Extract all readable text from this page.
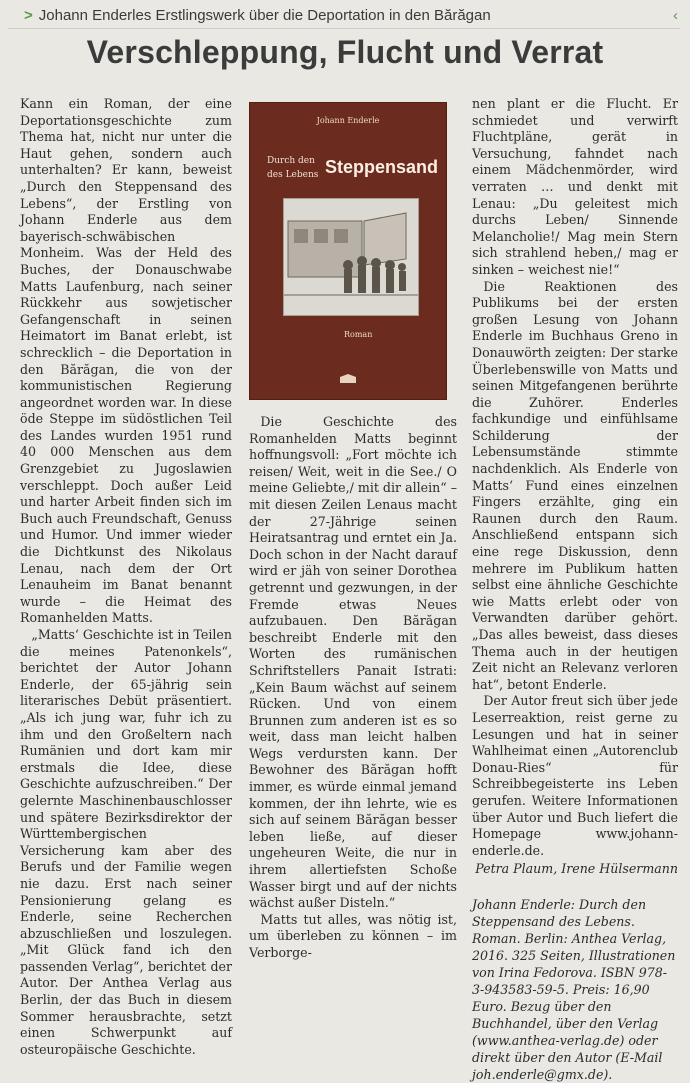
> Johann Enderles Erstlingswerk über die Deportation in den Bărăgan	‹
Verschleppung, Flucht und Verrat

Kann ein Roman, der eine Deportationsgeschichte zum Thema hat, nicht nur unter die Haut gehen, sondern auch unterhalten? Er kann, beweist „Durch den Steppensand des Lebens“, der Erstling von Johann Enderle aus dem bayerisch-schwäbischen Monheim. Was der Held des Buches, der Donauschwabe Matts Laufenburg, nach seiner Rückkehr aus sowjetischer Gefangenschaft in seinen Heimatort im Banat erlebt, ist schrecklich – die Deportation in den Bărăgan, die von der kommunistischen Regierung angeordnet worden war. In diese öde Steppe im südöstlichen Teil des Landes wurden 1951 rund 40 000 Menschen aus dem Grenzgebiet zu Jugoslawien verschleppt. Doch außer Leid und harter Arbeit finden sich im Buch auch Freundschaft, Genuss und Humor. Und immer wieder die Dichtkunst des Nikolaus Lenau, nach dem der Ort Lenauheim im Banat benannt wurde – die Heimat des Romanhelden Matts.

„Matts‘ Geschichte ist in Teilen die meines Patenonkels“, berichtet der Autor Johann Enderle, der 65-jährig sein literarisches Debüt präsentiert. „Als ich jung war, fuhr ich zu ihm und den Großeltern nach Rumänien und dort kam mir erstmals die Idee, diese Geschichte aufzuschreiben.“ Der gelernte Maschinenbauschlosser und spätere Bezirksdirektor der Württembergischen Versicherung kam aber des Berufs und der Familie wegen nie dazu. Erst nach seiner Pensionierung gelang es Enderle, seine Recherchen abzuschließen und loszulegen. „Mit Glück fand ich den passenden Verlag“, berichtet der Autor. Der Anthea Verlag aus Berlin, der das Buch in diesem Sommer herausbrachte, setzt einen Schwerpunkt auf osteuropäische Geschichte.

Johann Enderle
Durch den
des Lebens Steppensand
Roman

Die Geschichte des Romanhelden Matts beginnt hoffnungsvoll: „Fort möchte ich reisen/ Weit, weit in die See./ O meine Geliebte,/ mit dir allein“ – mit diesen Zeilen Lenaus macht der 27-Jährige seinen Heiratsantrag und erntet ein Ja. Doch schon in der Nacht darauf wird er jäh von seiner Dorothea getrennt und gezwungen, in der Fremde etwas Neues aufzubauen. Den Bărăgan beschreibt Enderle mit den Worten des rumänischen Schriftstellers Panait Istrati: „Kein Baum wächst auf seinem Rücken. Und von einem Brunnen zum anderen ist es so weit, dass man leicht halben Wegs verdursten kann. Der Bewohner des Bărăgan hofft immer, es würde einmal jemand kommen, der ihn lehrte, wie es sich auf seinem Bărăgan besser leben ließe, auf dieser ungeheuren Weite, die nur in ihrem allertiefsten Schoße Wasser birgt und auf der nichts wächst außer Disteln.“

Matts tut alles, was nötig ist, um überleben zu können – im Verborge-

nen plant er die Flucht. Er schmiedet und verwirft Fluchtpläne, gerät in Versuchung, fahndet nach einem Mädchenmörder, wird verraten … und denkt mit Lenau: „Du geleitest mich durchs Leben/ Sinnende Melancholie!/ Mag mein Stern sich strahlend heben,/ mag er sinken – weichest nie!“

Die Reaktionen des Publikums bei der ersten großen Lesung von Johann Enderle im Buchhaus Greno in Donauwörth zeigten: Der starke Überlebenswille von Matts und seinen Mitgefangenen berührte die Zuhörer. Enderles fachkundige und einfühlsame Schilderung der Lebensumstände stimmte nachdenklich. Als Enderle von Matts‘ Fund eines einzelnen Fingers erzählte, ging ein Raunen durch den Raum. Anschließend entspann sich eine rege Diskussion, denn mehrere im Publikum hatten selbst eine ähnliche Geschichte wie Matts erlebt oder von Verwandten darüber gehört. „Das alles beweist, dass dieses Thema auch in der heutigen Zeit nicht an Relevanz verloren hat“, betont Enderle.

Der Autor freut sich über jede Leserreaktion, reist gerne zu Lesungen und hat in seiner Wahlheimat einen „Autorenclub Donau-Ries“ für Schreibbegeisterte ins Leben gerufen. Weitere Informationen über Autor und Buch liefert die Homepage www.johann-enderle.de.

Petra Plaum, Irene Hülsermann
Johann Enderle: Durch den Steppensand des Lebens. Roman. Berlin: Anthea Verlag, 2016. 325 Seiten, Illustrationen von Irina Fedorova. ISBN 978-3-943583-59-5. Preis: 16,90 Euro. Bezug über den Buchhandel, über den Verlag (www.anthea-verlag.de) oder direkt über den Autor (E-Mail joh.enderle@gmx.de).
